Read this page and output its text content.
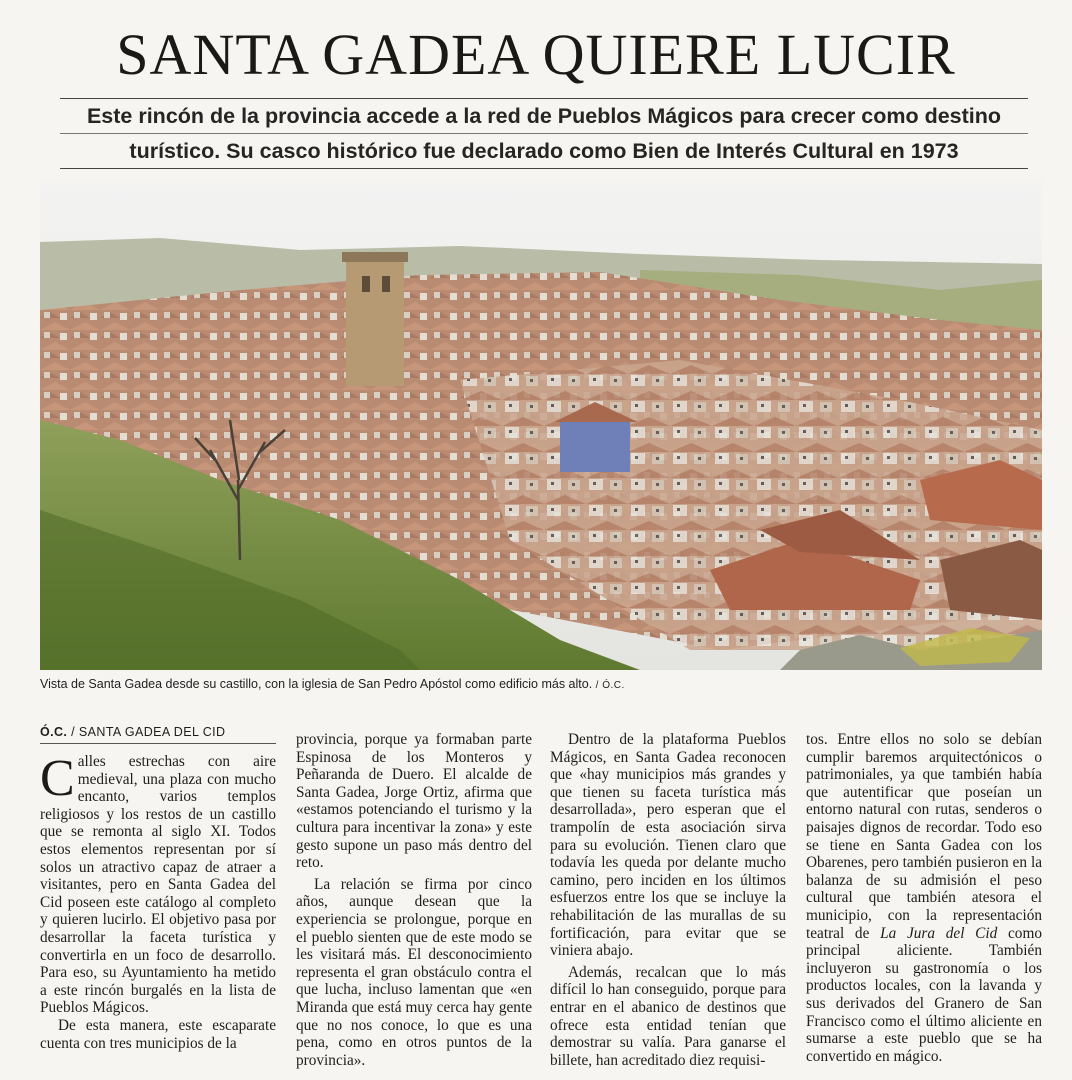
SANTA GADEA QUIERE LUCIR
Este rincón de la provincia accede a la red de Pueblos Mágicos para crecer como destino
turístico. Su casco histórico fue declarado como Bien de Interés Cultural en 1973
Vista de Santa Gadea desde su castillo, con la iglesia de San Pedro Apóstol como edificio más alto. / Ó.C.
Ó.C. / SANTA GADEA DEL CID

Calles estrechas con aire medieval, una plaza con mucho encanto, varios templos religiosos y los restos de un castillo que se remonta al siglo XI. Todos estos elementos representan por sí solos un atractivo capaz de atraer a visitantes, pero en Santa Gadea del Cid poseen este catálogo al completo y quieren lucirlo. El objetivo pasa por desarrollar la faceta turística y convertirla en un foco de desarrollo. Para eso, su Ayuntamiento ha metido a este rincón burgalés en la lista de Pueblos Mágicos.

De esta manera, este escaparate cuenta con tres municipios de la

provincia, porque ya formaban parte Espinosa de los Monteros y Peñaranda de Duero. El alcalde de Santa Gadea, Jorge Ortiz, afirma que «estamos potenciando el turismo y la cultura para incentivar la zona» y este gesto supone un paso más dentro del reto.

La relación se firma por cinco años, aunque desean que la experiencia se prolongue, porque en el pueblo sienten que de este modo se les visitará más. El desconocimiento representa el gran obstáculo contra el que lucha, incluso lamentan que «en Miranda que está muy cerca hay gente que no nos conoce, lo que es una pena, como en otros puntos de la provincia».

Dentro de la plataforma Pueblos Mágicos, en Santa Gadea reconocen que «hay municipios más grandes y que tienen su faceta turística más desarrollada», pero esperan que el trampolín de esta asociación sirva para su evolución. Tienen claro que todavía les queda por delante mucho camino, pero inciden en los últimos esfuerzos entre los que se incluye la rehabilitación de las murallas de su fortificación, para evitar que se viniera abajo.

Además, recalcan que lo más difícil lo han conseguido, porque para entrar en el abanico de destinos que ofrece esta entidad tenían que demostrar su valía. Para ganarse el billete, han acreditado diez requisi-

tos. Entre ellos no solo se debían cumplir baremos arquitectónicos o patrimoniales, ya que también había que autentificar que poseían un entorno natural con rutas, senderos o paisajes dignos de recordar. Todo eso se tiene en Santa Gadea con los Obarenes, pero también pusieron en la balanza de su admisión el peso cultural que también atesora el municipio, con la representación teatral de La Jura del Cid como principal aliciente. También incluyeron su gastronomía o los productos locales, con la lavanda y sus derivados del Granero de San Francisco como el último aliciente en sumarse a este pueblo que se ha convertido en mágico.
